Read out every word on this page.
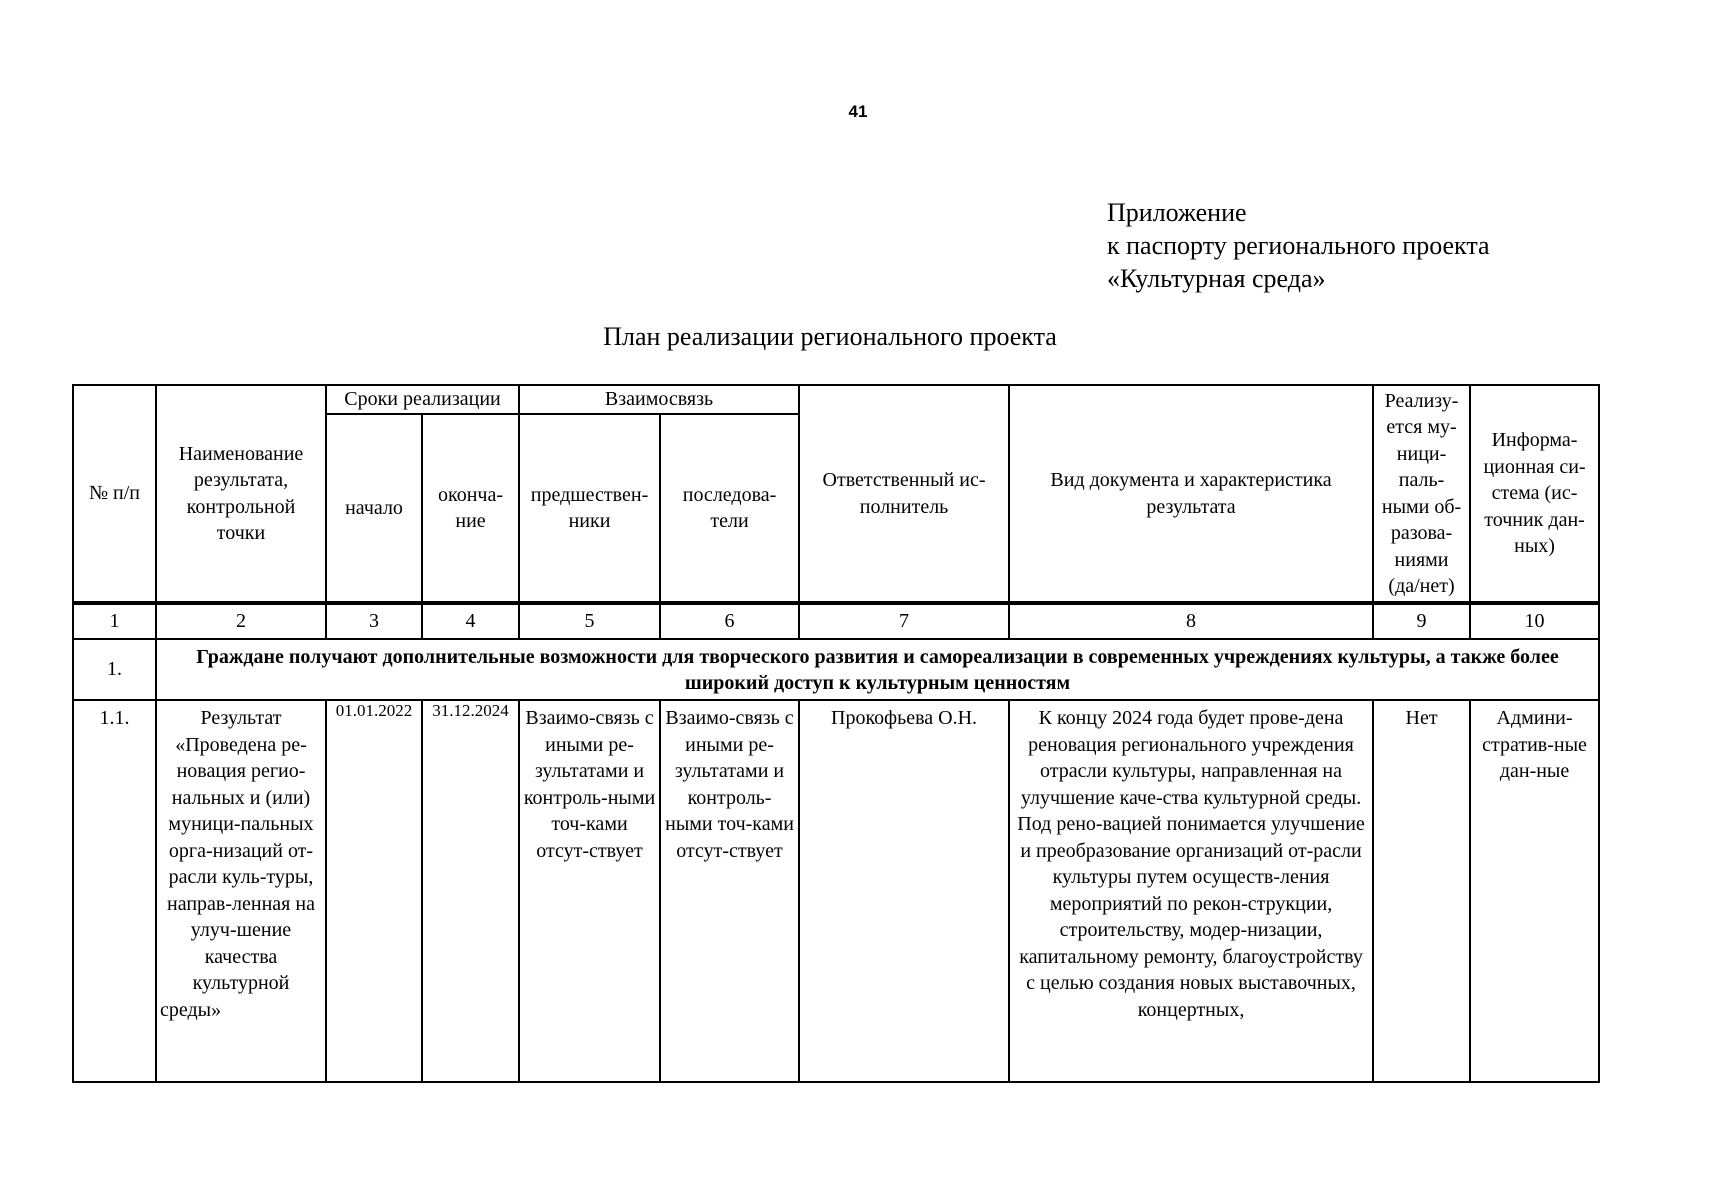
41
Приложение
к паспорту регионального проекта
«Культурная среда»
План реализации регионального проекта
№ п/п	Наименование результата, контрольной точки	Сроки реализации		Взаимосвязь		Ответственный ис-полнитель	Вид документа и характеристика результата	Реализу-ется му-ници-паль-ными об-разова-ниями (да/нет)	Информа-ционная си-стема (ис-точник дан-ных)
		начало	оконча-ние	предшествен-ники	последова-тели				
1	2	3	4	5	6	7	8	9	10
1.	Граждане получают дополнительные возможности для творческого развития и самореализации в современных учреждениях культуры, а также более широкий доступ к культурным ценностям								
1.1.	Результат «Проведена ре-новация регио-нальных и (или) муници-пальных орга-низаций от-расли куль-туры, направ-ленная на улуч-шение качества культурной среды»	01.01.2022	31.12.2024	Взаимо-связь с иными ре-зультатами и контроль-ными точ-ками отсут-ствует	Взаимо-связь с иными ре-зультатами и контроль-ными точ-ками отсут-ствует	Прокофьева О.Н.	К концу 2024 года будет прове-дена реновация регионального учреждения отрасли культуры, направленная на улучшение каче-ства культурной среды. Под рено-вацией понимается улучшение и преобразование организаций от-расли культуры путем осуществ-ления мероприятий по рекон-струкции, строительству, модер-низации, капитальному ремонту, благоустройству с целью создания новых выставочных, концертных,	Нет	Админи-стратив-ные дан-ные
